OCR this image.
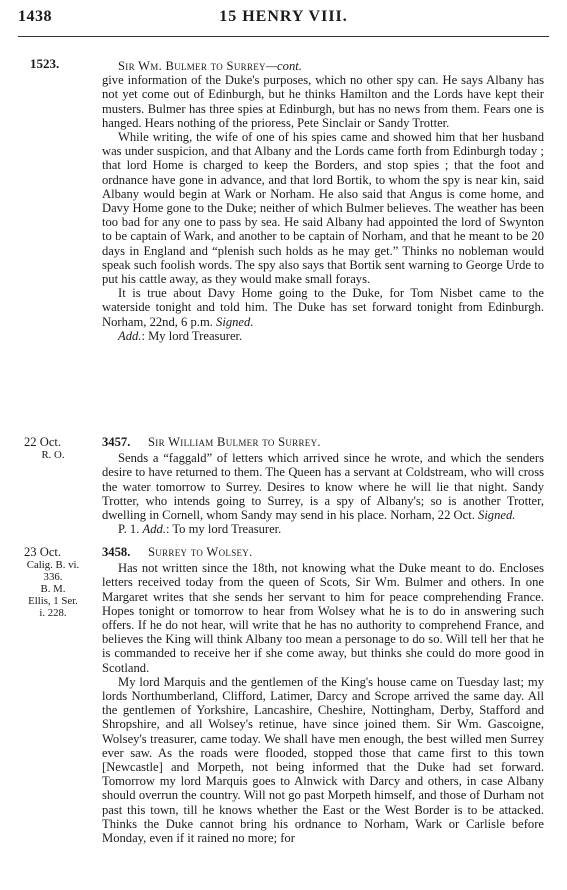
1438	15 HENRY VIII.
1523.	Sir Wm. Bulmer to Surrey—cont.

give information of the Duke's purposes, which no other spy can. He says Albany has not yet come out of Edinburgh, but he thinks Hamilton and the Lords have kept their musters. Bulmer has three spies at Edinburgh, but has no news from them. Fears one is hanged. Hears nothing of the prioress, Pete Sinclair or Sandy Trotter.

While writing, the wife of one of his spies came and showed him that her husband was under suspicion, and that Albany and the Lords came forth from Edinburgh today ; that lord Home is charged to keep the Borders, and stop spies ; that the foot and ordnance have gone in advance, and that lord Bortik, to whom the spy is near kin, said Albany would begin at Wark or Norham. He also said that Angus is come home, and Davy Home gone to the Duke; neither of which Bulmer believes. The weather has been too bad for any one to pass by sea. He said Albany had appointed the lord of Swynton to be captain of Wark, and another to be captain of Norham, and that he meant to be 20 days in England and “plenish such holds as he may get.” Thinks no nobleman would speak such foolish words. The spy also says that Bortik sent warning to George Urde to put his cattle away, as they would make small forays.

It is true about Davy Home going to the Duke, for Tom Nisbet came to the waterside tonight and told him. The Duke has set forward tonight from Edinburgh. Norham, 22nd, 6 p.m. Signed.

Add.: My lord Treasurer.

22 Oct.
R. O.

3457. Sir William Bulmer to Surrey.

Sends a “faggald” of letters which arrived since he wrote, and which the senders desire to have returned to them. The Queen has a servant at Coldstream, who will cross the water tomorrow to Surrey. Desires to know where he will lie that night. Sandy Trotter, who intends going to Surrey, is a spy of Albany's; so is another Trotter, dwelling in Cornell, whom Sandy may send in his place. Norham, 22 Oct. Signed.

P. 1. Add.: To my lord Treasurer.

23 Oct.
Calig. B. vi.
336.
B. M.
Ellis, 1 Ser.
i. 228.

3458. Surrey to Wolsey.

Has not written since the 18th, not knowing what the Duke meant to do. Encloses letters received today from the queen of Scots, Sir Wm. Bulmer and others. In one Margaret writes that she sends her servant to him for peace comprehending France. Hopes tonight or tomorrow to hear from Wolsey what he is to do in answering such offers. If he do not hear, will write that he has no authority to comprehend France, and believes the King will think Albany too mean a personage to do so. Will tell her that he is commanded to receive her if she come away, but thinks she could do more good in Scotland.

My lord Marquis and the gentlemen of the King's house came on Tuesday last; my lords Northumberland, Clifford, Latimer, Darcy and Scrope arrived the same day. All the gentlemen of Yorkshire, Lancashire, Cheshire, Nottingham, Derby, Stafford and Shropshire, and all Wolsey's retinue, have since joined them. Sir Wm. Gascoigne, Wolsey's treasurer, came today. We shall have men enough, the best willed men Surrey ever saw. As the roads were flooded, stopped those that came first to this town [Newcastle] and Morpeth, not being informed that the Duke had set forward. Tomorrow my lord Marquis goes to Alnwick with Darcy and others, in case Albany should overrun the country. Will not go past Morpeth himself, and those of Durham not past this town, till he knows whether the East or the West Border is to be attacked. Thinks the Duke cannot bring his ordnance to Norham, Wark or Carlisle before Monday, even if it rained no more; for
